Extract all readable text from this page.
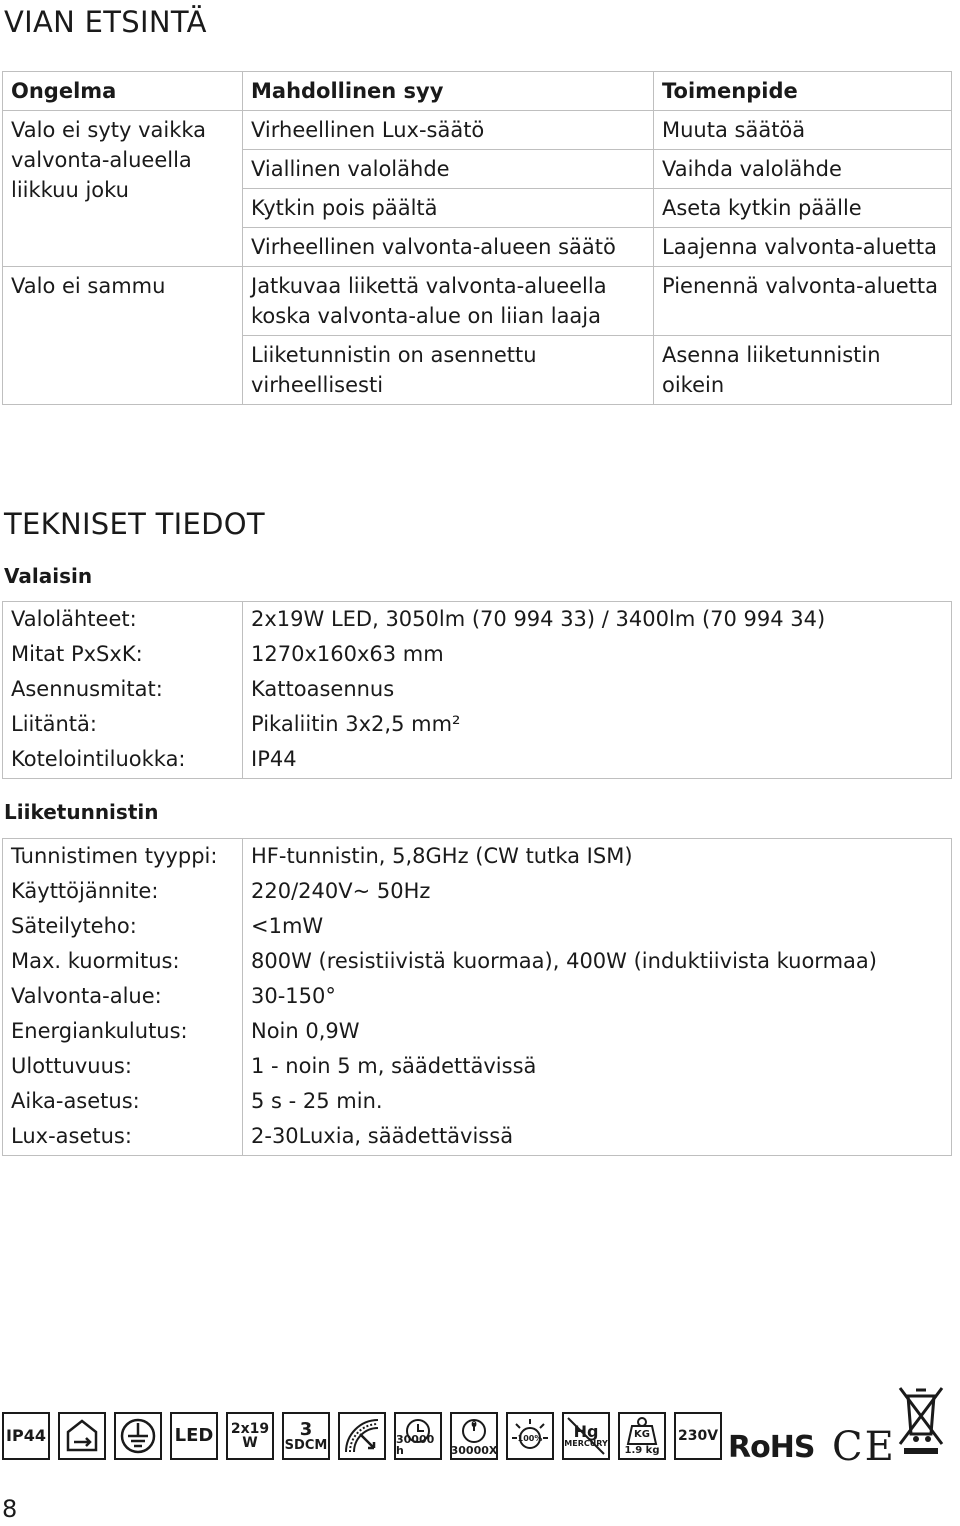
VIAN ETSINTÄ
Ongelma	Mahdollinen syy	Toimenpide
Valo ei syty vaikka valvonta-alueella liikkuu joku	Virheellinen Lux-säätö	Muuta säätöä
	Viallinen valolähde	Vaihda valolähde
	Kytkin pois päältä	Aseta kytkin päälle
	Virheellinen valvonta-alueen säätö	Laajenna valvonta-aluetta
Valo ei sammu	Jatkuvaa liikettä valvonta-alueella koska valvonta-alue on liian laaja	Pienennä valvonta-aluetta
	Liiketunnistin on asennettu virheellisesti	Asenna liiketunnistin oikein
TEKNISET TIEDOT
Valaisin
Valolähteet:	2x19W LED, 3050lm (70 994 33) / 3400lm (70 994 34)
Mitat PxSxK:	1270x160x63 mm
Asennusmitat:	Kattoasennus
Liitäntä:	Pikaliitin 3x2,5 mm²
Kotelointiluokka:	IP44
Liiketunnistin
Tunnistimen tyyppi:	HF-tunnistin, 5,8GHz (CW tutka ISM)
Käyttöjännite:	220/240V~ 50Hz
Säteilyteho:	<1mW
Max. kuormitus:	800W (resistiivistä kuormaa), 400W (induktiivista kuormaa)
Valvonta-alue:	30-150°
Energiankulutus:	Noin 0,9W
Ulottuvuus:	1 - noin 5 m, säädettävissä
Aika-asetus:	5 s - 25 min.
Lux-asetus:	2-30Luxia, säädettävissä
IP44	LED 2x19
W
3
SDCM	30000 h
0
30000X
100% Hg
MERCURY
KG
1.9 kg
230V RoHS CE
8
